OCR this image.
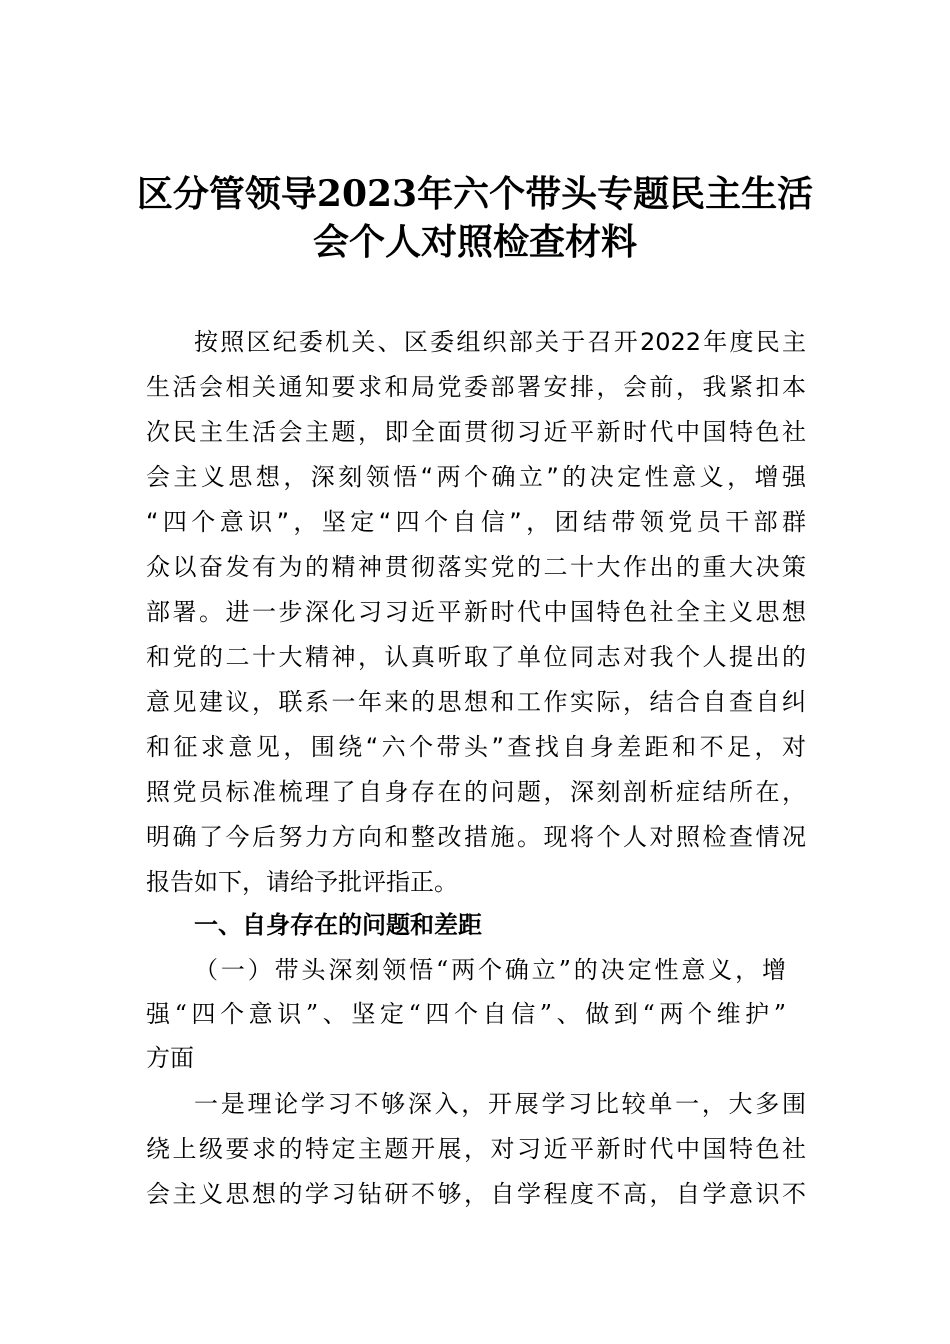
区分管领导2023年六个带头专题民主生活
会个人对照检查材料
按照区纪委机关、区委组织部关于召开2022年度民主
生活会相关通知要求和局党委部署安排，会前，我紧扣本
次民主生活会主题，即全面贯彻习近平新时代中国特色社
会主义思想，深刻领悟“两个确立”的决定性意义，增强
“四个意识”，坚定“四个自信”，团结带领党员干部群
众以奋发有为的精神贯彻落实党的二十大作出的重大决策
部署。进一步深化习习近平新时代中国特色社全主义思想
和党的二十大精神，认真听取了单位同志对我个人提出的
意见建议，联系一年来的思想和工作实际，结合自查自纠
和征求意见，围绕“六个带头”查找自身差距和不足，对
照党员标准梳理了自身存在的问题，深刻剖析症结所在，
明确了今后努力方向和整改措施。现将个人对照检查情况
报告如下，请给予批评指正。
一、自身存在的问题和差距
（一）带头深刻领悟“两个确立”的决定性意义，增
强“四个意识”、坚定“四个自信”、做到“两个维护”
方面
一是理论学习不够深入，开展学习比较单一，大多围
绕上级要求的特定主题开展，对习近平新时代中国特色社
会主义思想的学习钻研不够，自学程度不高，自学意识不
